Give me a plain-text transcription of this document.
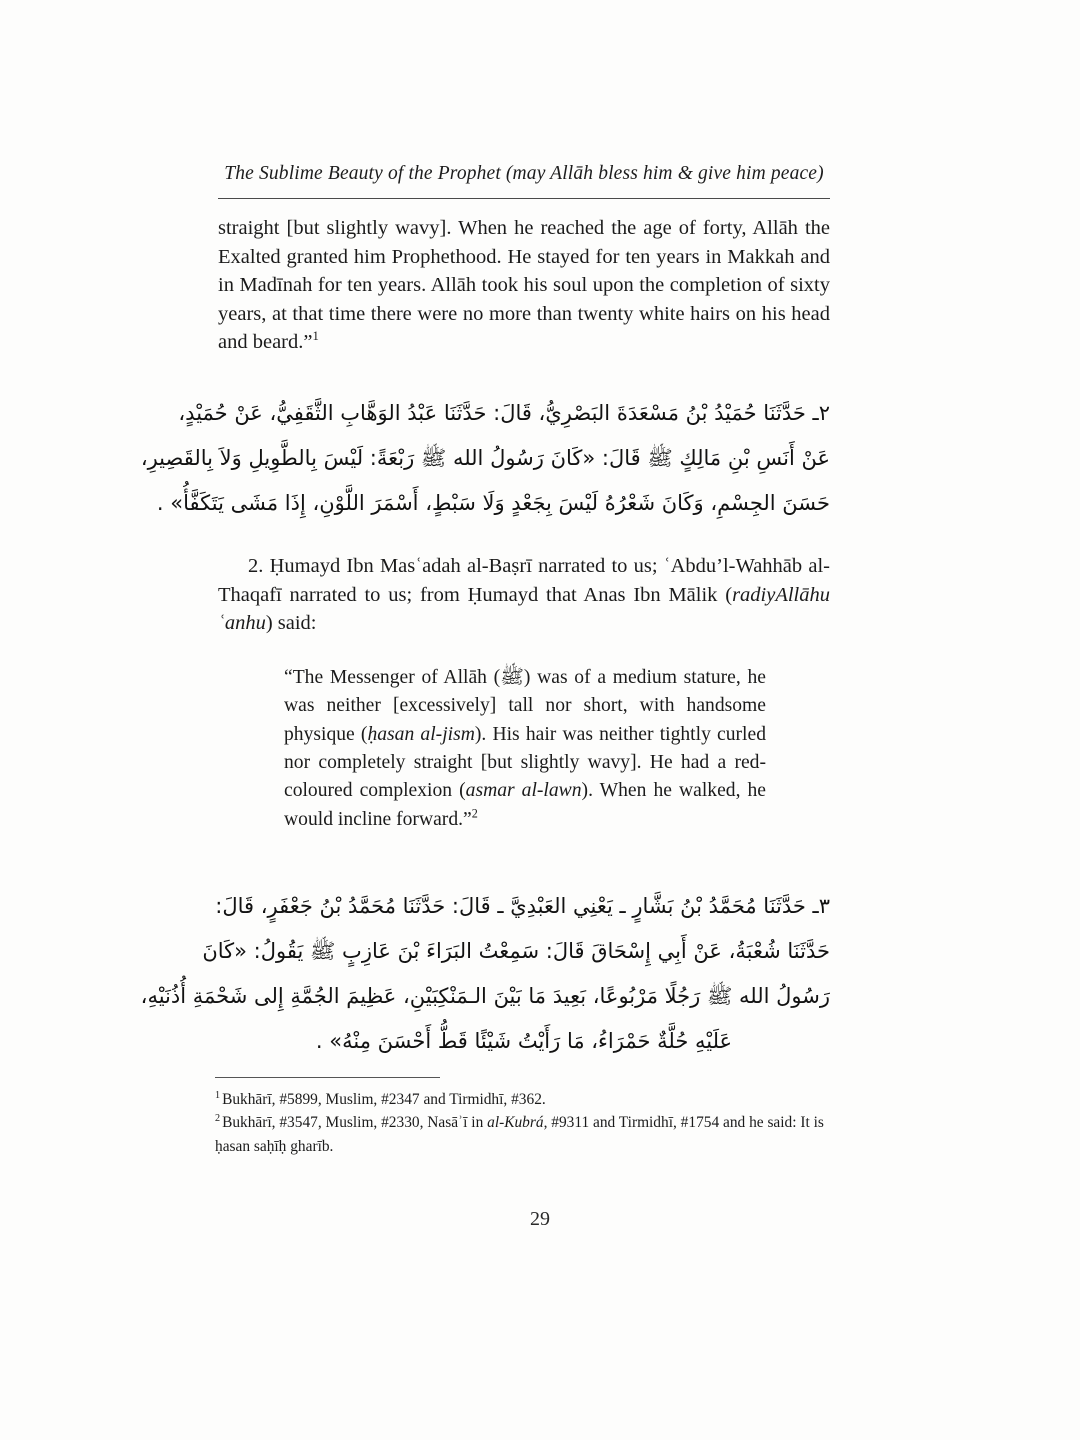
The Sublime Beauty of the Prophet (may Allāh bless him & give him peace)

straight [but slightly wavy]. When he reached the age of forty, Allāh the Exalted granted him Prophethood. He stayed for ten years in Makkah and in Madīnah for ten years. Allāh took his soul upon the completion of sixty years, at that time there were no more than twenty white hairs on his head and beard.”$^1$

٢ـ حَدَّثَنَا حُمَيْدُ بْنُ مَسْعَدَةَ البَصْرِيُّ، قَالَ: حَدَّثَنَا عَبْدُ الوَهَّابِ الثَّقَفِيُّ، عَنْ حُمَيْدٍ،
عَنْ أَنَسِ بْنِ مَالِكٍ ﷺ قَالَ: «كَانَ رَسُولُ الله ﷺ رَبْعَةً: لَيْسَ بِالطَّوِيلِ وَلاَ بِالقَصِيرِ،
حَسَنَ الجِسْمِ، وَكَانَ شَعْرُهُ لَيْسَ بِجَعْدٍ وَلَا سَبْطٍ، أَسْمَرَ اللَّوْنِ، إِذَا مَشَى يَتَكَفَّأُ» .

2. Ḥumayd Ibn Masʿadah al-Baṣrī narrated to us; ʿAbdu’l-Wahhāb al-Thaqafī narrated to us; from Ḥumayd that Anas Ibn Mālik (radiyAllāhu ʿanhu) said:

“The Messenger of Allāh (ﷺ) was of a medium stature, he was neither [excessively] tall nor short, with handsome physique (ḥasan al-jism). His hair was neither tightly curled nor completely straight [but slightly wavy]. He had a red-coloured complexion (asmar al-lawn). When he walked, he would incline forward.”$^2$

٣ـ حَدَّثَنَا مُحَمَّدُ بْنُ بَشَّارٍ ـ يَعْنِي العَبْدِيَّ ـ قَالَ: حَدَّثَنَا مُحَمَّدُ بْنُ جَعْفَرٍ، قَالَ:
حَدَّثَنَا شُعْبَةُ، عَنْ أَبِي إِسْحَاقَ قَالَ: سَمِعْتُ البَرَاءَ بْنَ عَازِبٍ ﷺ يَقُولُ: «كَانَ
رَسُولُ الله ﷺ رَجُلًا مَرْبُوعًا، بَعِيدَ مَا بَيْنَ الـمَنْكِبَيْنِ، عَظِيمَ الجُمَّةِ إِلى شَحْمَةِ أُذُنَيْهِ،
عَلَيْهِ حُلَّةٌ حَمْرَاءُ، مَا رَأَيْتُ شَيْئًا قَطُّ أَحْسَنَ مِنْهُ» .

$^1$ Bukhārī, #5899, Muslim, #2347 and Tirmidhī, #362.

$^2$ Bukhārī, #3547, Muslim, #2330, Nasāʾī in al-Kubrá, #9311 and Tirmidhī, #1754 and he said: It is ḥasan saḥīḥ gharīb.

29
